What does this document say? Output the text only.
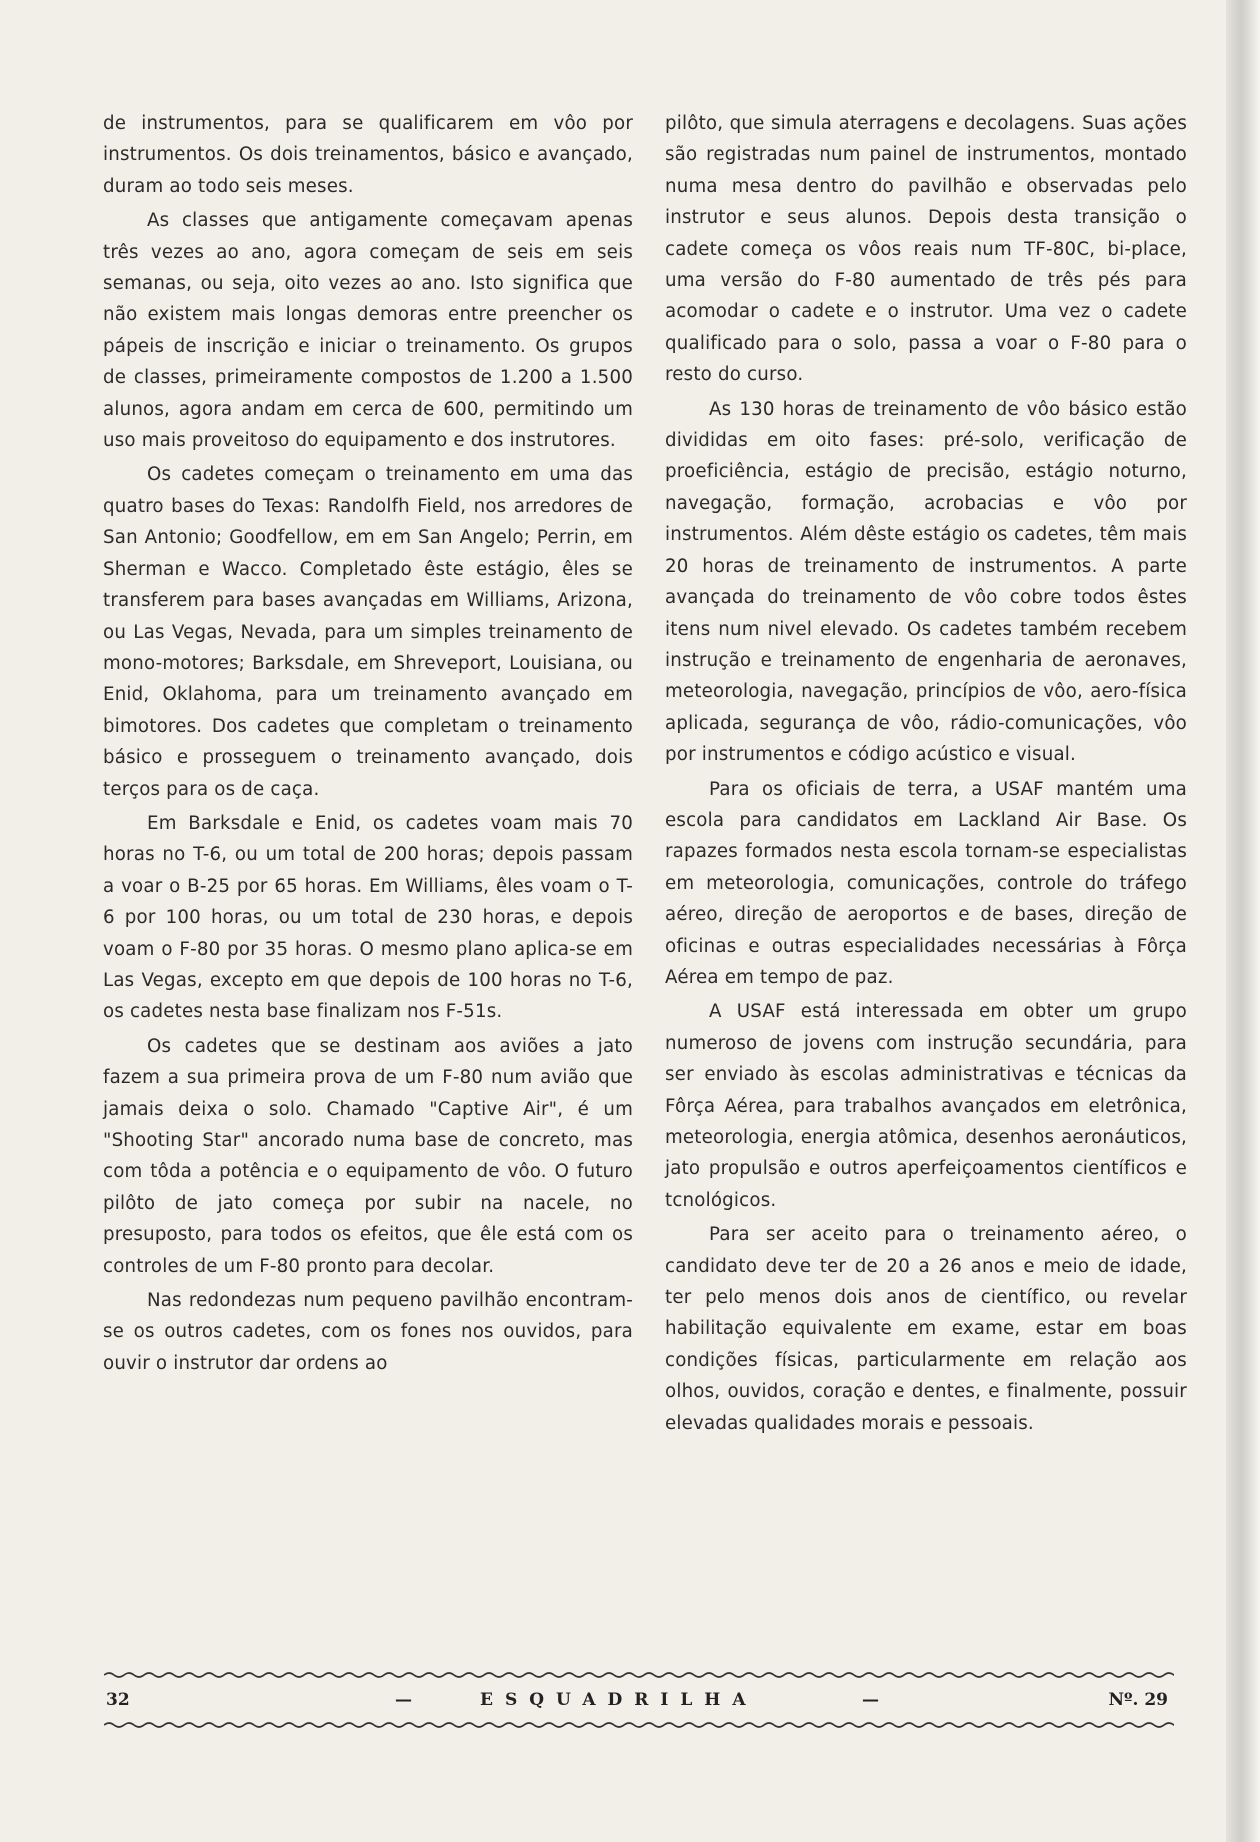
de instrumentos, para se qualificarem em vôo por instrumentos. Os dois treinamentos, básico e avançado, duram ao todo seis meses.

As classes que antigamente começavam apenas três vezes ao ano, agora começam de seis em seis semanas, ou seja, oito vezes ao ano. Isto significa que não existem mais longas demoras entre preencher os pápeis de inscrição e iniciar o treinamento. Os grupos de classes, primeiramente compostos de 1.200 a 1.500 alunos, agora andam em cerca de 600, permitindo um uso mais proveitoso do equipamento e dos instrutores.

Os cadetes começam o treinamento em uma das quatro bases do Texas: Randolfh Field, nos arredores de San Antonio; Goodfellow, em em San Angelo; Perrin, em Sherman e Wacco. Completado êste estágio, êles se transferem para bases avançadas em Williams, Arizona, ou Las Vegas, Nevada, para um simples treinamento de mono-motores; Barksdale, em Shreveport, Louisiana, ou Enid, Oklahoma, para um treinamento avançado em bimotores. Dos cadetes que completam o treinamento básico e prosseguem o treinamento avançado, dois terços para os de caça.

Em Barksdale e Enid, os cadetes voam mais 70 horas no T-6, ou um total de 200 horas; depois passam a voar o B-25 por 65 horas. Em Williams, êles voam o T-6 por 100 horas, ou um total de 230 horas, e depois voam o F-80 por 35 horas. O mesmo plano aplica-se em Las Vegas, excepto em que depois de 100 horas no T-6, os cadetes nesta base finalizam nos F-51s.

Os cadetes que se destinam aos aviões a jato fazem a sua primeira prova de um F-80 num avião que jamais deixa o solo. Chamado "Captive Air", é um "Shooting Star" ancorado numa base de concreto, mas com tôda a potência e o equipamento de vôo. O futuro pilôto de jato começa por subir na nacele, no presuposto, para todos os efeitos, que êle está com os controles de um F-80 pronto para decolar.

Nas redondezas num pequeno pavilhão encontram-se os outros cadetes, com os fones nos ouvidos, para ouvir o instrutor dar ordens ao

pilôto, que simula aterragens e decolagens. Suas ações são registradas num painel de instrumentos, montado numa mesa dentro do pavilhão e observadas pelo instrutor e seus alunos. Depois desta transição o cadete começa os vôos reais num TF-80C, bi-place, uma versão do F-80 aumentado de três pés para acomodar o cadete e o instrutor. Uma vez o cadete qualificado para o solo, passa a voar o F-80 para o resto do curso.

As 130 horas de treinamento de vôo básico estão divididas em oito fases: pré-solo, verificação de proeficiência, estágio de precisão, estágio noturno, navegação, formação, acrobacias e vôo por instrumentos. Além dêste estágio os cadetes, têm mais 20 horas de treinamento de instrumentos. A parte avançada do treinamento de vôo cobre todos êstes itens num nivel elevado. Os cadetes também recebem instrução e treinamento de engenharia de aeronaves, meteorologia, navegação, princípios de vôo, aero-física aplicada, segurança de vôo, rádio-comunicações, vôo por instrumentos e código acústico e visual.

Para os oficiais de terra, a USAF mantém uma escola para candidatos em Lackland Air Base. Os rapazes formados nesta escola tornam-se especialistas em meteorologia, comunicações, controle do tráfego aéreo, direção de aeroportos e de bases, direção de oficinas e outras especialidades necessárias à Fôrça Aérea em tempo de paz.

A USAF está interessada em obter um grupo numeroso de jovens com instrução secundária, para ser enviado às escolas administrativas e técnicas da Fôrça Aérea, para trabalhos avançados em eletrônica, meteorologia, energia atômica, desenhos aeronáuticos, jato propulsão e outros aperfeiçoamentos científicos e tcnológicos.

Para ser aceito para o treinamento aéreo, o candidato deve ter de 20 a 26 anos e meio de idade, ter pelo menos dois anos de científico, ou revelar habilitação equivalente em exame, estar em boas condições físicas, particularmente em relação aos olhos, ouvidos, coração e dentes, e finalmente, possuir elevadas qualidades morais e pessoais.

32	—	ESQUADRILHA	—	Nº. 29
